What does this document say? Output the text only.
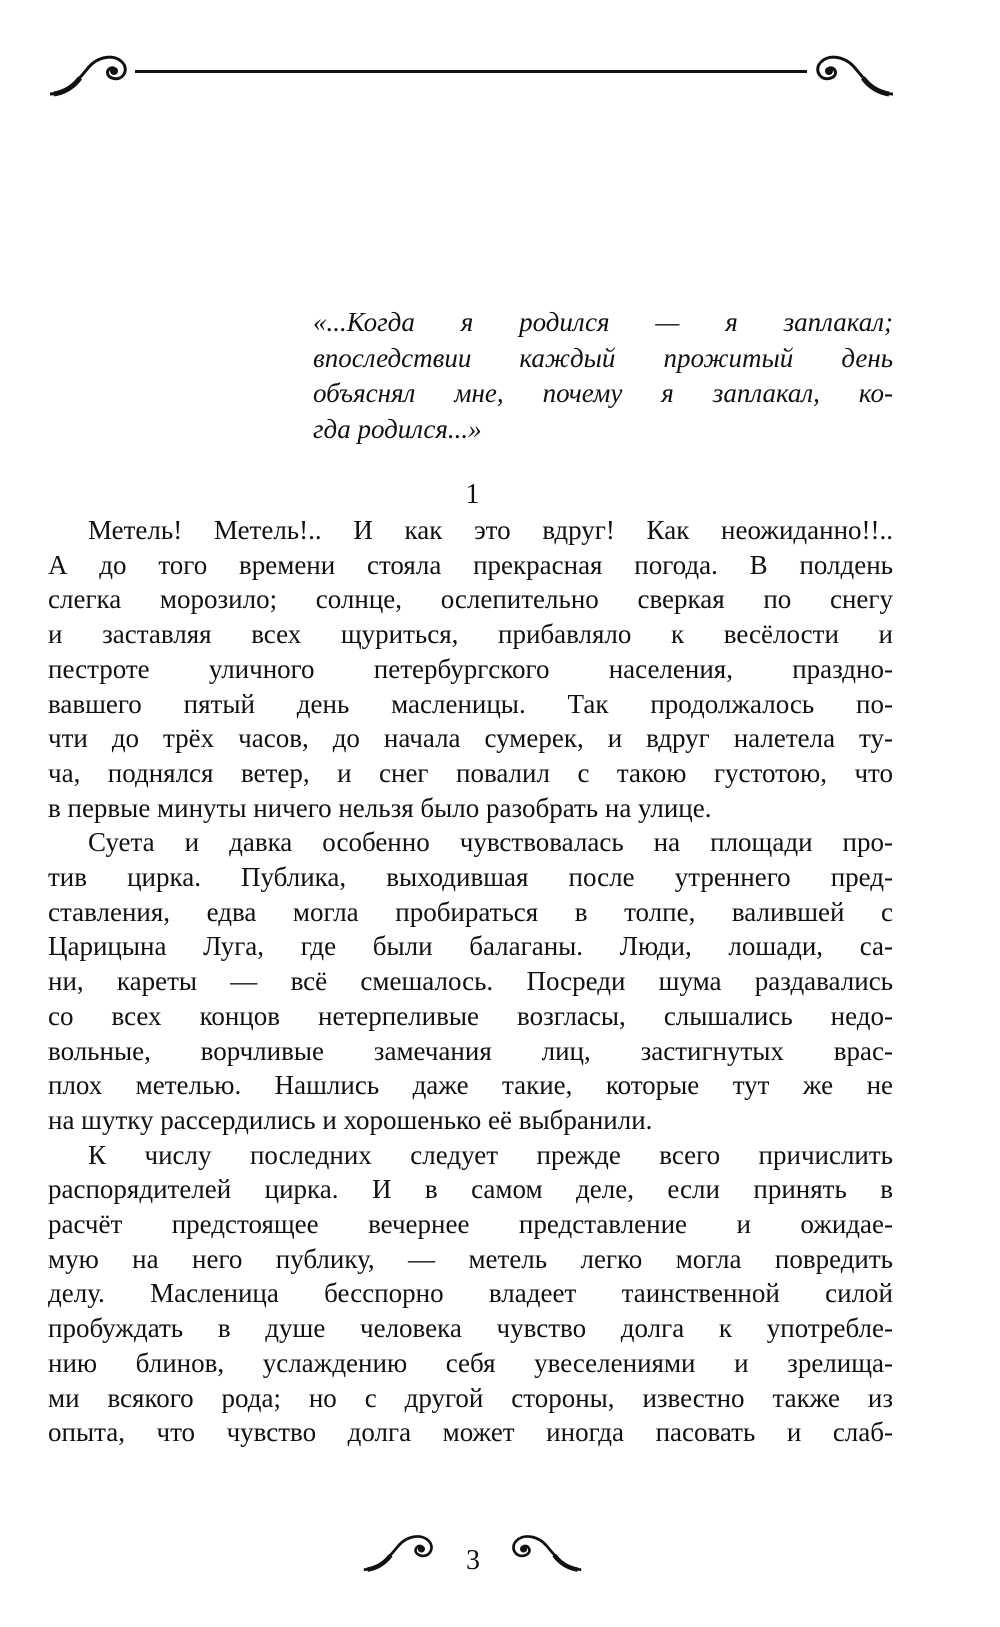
«...Когда я родился — я заплакал;
впоследствии каждый прожитый день
объяснял мне, почему я заплакал, ко-
гда родился...»
1
Метель! Метель!.. И как это вдруг! Как неожиданно!!..
А до того времени стояла прекрасная погода. В полдень
слегка морозило; солнце, ослепительно сверкая по снегу
и заставляя всех щуриться, прибавляло к весёлости и
пестроте уличного петербургского населения, праздно-
вавшего пятый день масленицы. Так продолжалось по-
чти до трёх часов, до начала сумерек, и вдруг налетела ту-
ча, поднялся ветер, и снег повалил с такою густотою, что
в первые минуты ничего нельзя было разобрать на улице.
Суета и давка особенно чувствовалась на площади про-
тив цирка. Публика, выходившая после утреннего пред-
ставления, едва могла пробираться в толпе, валившей с
Царицына Луга, где были балаганы. Люди, лошади, са-
ни, кареты — всё смешалось. Посреди шума раздавались
со всех концов нетерпеливые возгласы, слышались недо-
вольные, ворчливые замечания лиц, застигнутых врас-
плох метелью. Нашлись даже такие, которые тут же не
на шутку рассердились и хорошенько её выбранили.
К числу последних следует прежде всего причислить
распорядителей цирка. И в самом деле, если принять в
расчёт предстоящее вечернее представление и ожидае-
мую на него публику, — метель легко могла повредить
делу. Масленица бесспорно владеет таинственной силой
пробуждать в душе человека чувство долга к употребле-
нию блинов, услаждению себя увеселениями и зрелища-
ми всякого рода; но с другой стороны, известно также из
опыта, что чувство долга может иногда пасовать и слаб-
3
